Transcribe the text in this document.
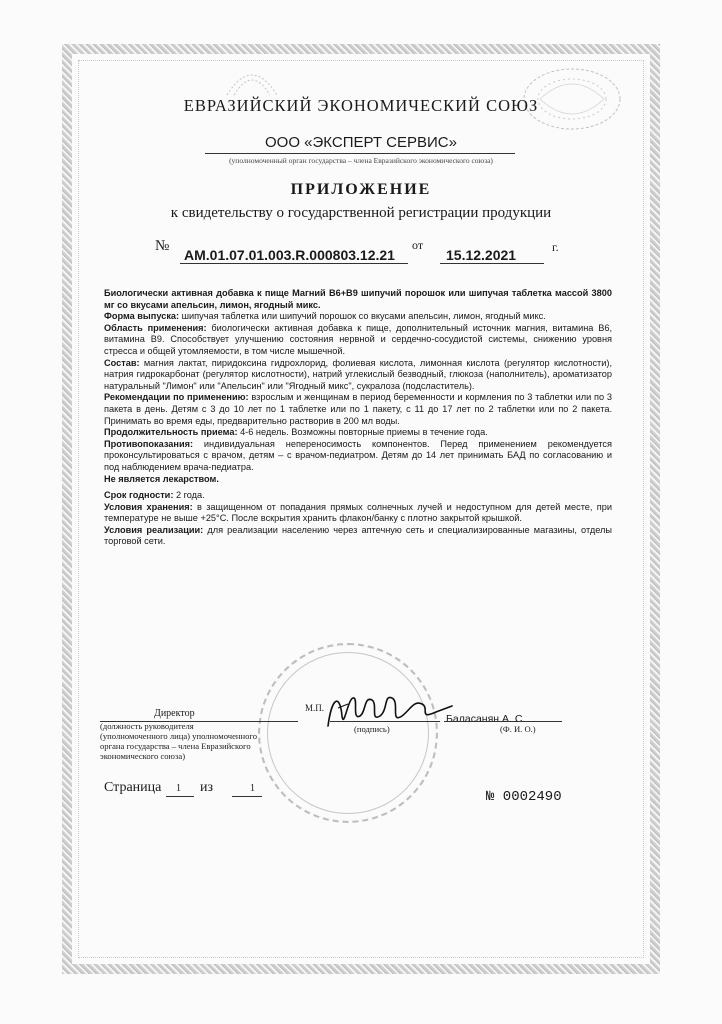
ЕВРАЗИЙСКИЙ ЭКОНОМИЧЕСКИЙ СОЮЗ
ООО «ЭКСПЕРТ СЕРВИС»
(уполномоченный орган государства – члена Евразийского экономического союза)
ПРИЛОЖЕНИЕ
к свидетельству о государственной регистрации продукции
№
AM.01.07.01.003.R.000803.12.21
от
15.12.2021	г.

Биологически активная добавка к пище Магний В6+В9 шипучий порошок или шипучая таблетка массой 3800 мг со вкусами апельсин, лимон, ягодный микс.

Форма выпуска: шипучая таблетка или шипучий порошок со вкусами апельсин, лимон, ягодный микс.

Область применения: биологически активная добавка к пище, дополнительный источник магния, витамина В6, витамина В9. Способствует улучшению состояния нервной и сердечно-сосудистой системы, снижению уровня стресса и общей утомляемости, в том числе мышечной.

Состав: магния лактат, пиридоксина гидрохлорид, фолиевая кислота, лимонная кислота (регулятор кислотности), натрия гидрокарбонат (регулятор кислотности), натрий углекислый безводный, глюкоза (наполнитель), ароматизатор натуральный "Лимон" или "Апельсин" или "Ягодный микс", сукралоза (подсластитель).

Рекомендации по применению: взрослым и женщинам в период беременности и кормления по 3 таблетки или по 3 пакета в день. Детям с 3 до 10 лет по 1 таблетке или по 1 пакету, с 11 до 17 лет по 2 таблетки или по 2 пакета. Принимать во время еды, предварительно растворив в 200 мл воды.

Продолжительность приема: 4-6 недель. Возможны повторные приемы в течение года.

Противопоказания: индивидуальная непереносимость компонентов. Перед применением рекомендуется проконсультироваться с врачом, детям – с врачом-педиатром. Детям до 14 лет принимать БАД по согласованию и под наблюдением врача-педиатра.

Не является лекарством.

Срок годности: 2 года.

Условия хранения: в защищенном от попадания прямых солнечных лучей и недоступном для детей месте, при температуре не выше +25°С. После вскрытия хранить флакон/банку с плотно закрытой крышкой.

Условия реализации: для реализации населению через аптечную сеть и специализированные магазины, отделы торговой сети.

Директор	М.П.
Баласанян А. С.
(должность руководителя
(уполномоченного лица) уполномоченного
органа государства – члена Евразийского
экономического союза)
(подпись)	(Ф. И. О.)
Страница 1 из	1
№ 0002490
